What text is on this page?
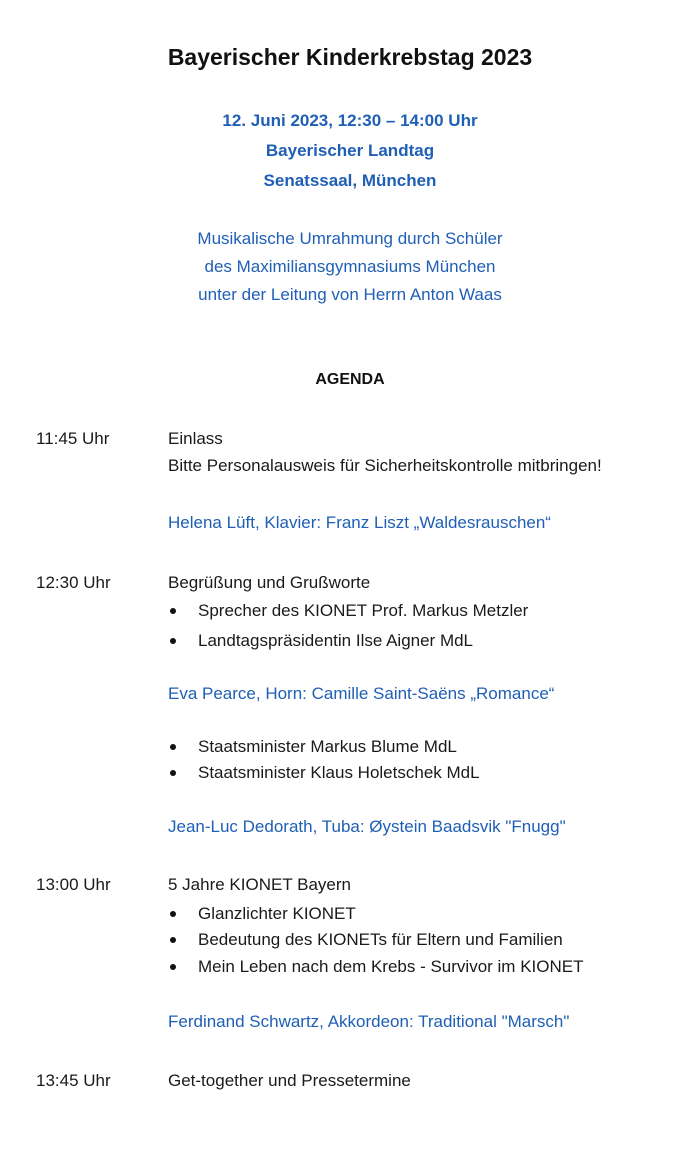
Bayerischer Kinderkrebstag 2023
12. Juni 2023, 12:30 – 14:00 Uhr
Bayerischer Landtag
Senatssaal, München
Musikalische Umrahmung durch Schüler
des Maximiliansgymnasiums München
unter der Leitung von Herrn Anton Waas
AGENDA
11:45 Uhr	Einlass
Bitte Personalausweis für Sicherheitskontrolle mitbringen!
Helena Lüft, Klavier: Franz Liszt „Waldesrauschen“
12:30 Uhr	Begrüßung und Grußworte
Sprecher des KIONET Prof. Markus Metzler
Landtagspräsidentin Ilse Aigner MdL
Eva Pearce, Horn: Camille Saint-Saëns „Romance“
Staatsminister Markus Blume MdL
Staatsminister Klaus Holetschek MdL
Jean-Luc Dedorath, Tuba: Øystein Baadsvik "Fnugg"
13:00 Uhr	5 Jahre KIONET Bayern
Glanzlichter KIONET
Bedeutung des KIONETs für Eltern und Familien
Mein Leben nach dem Krebs - Survivor im KIONET
Ferdinand Schwartz, Akkordeon: Traditional "Marsch"
13:45 Uhr	Get-together und Pressetermine
